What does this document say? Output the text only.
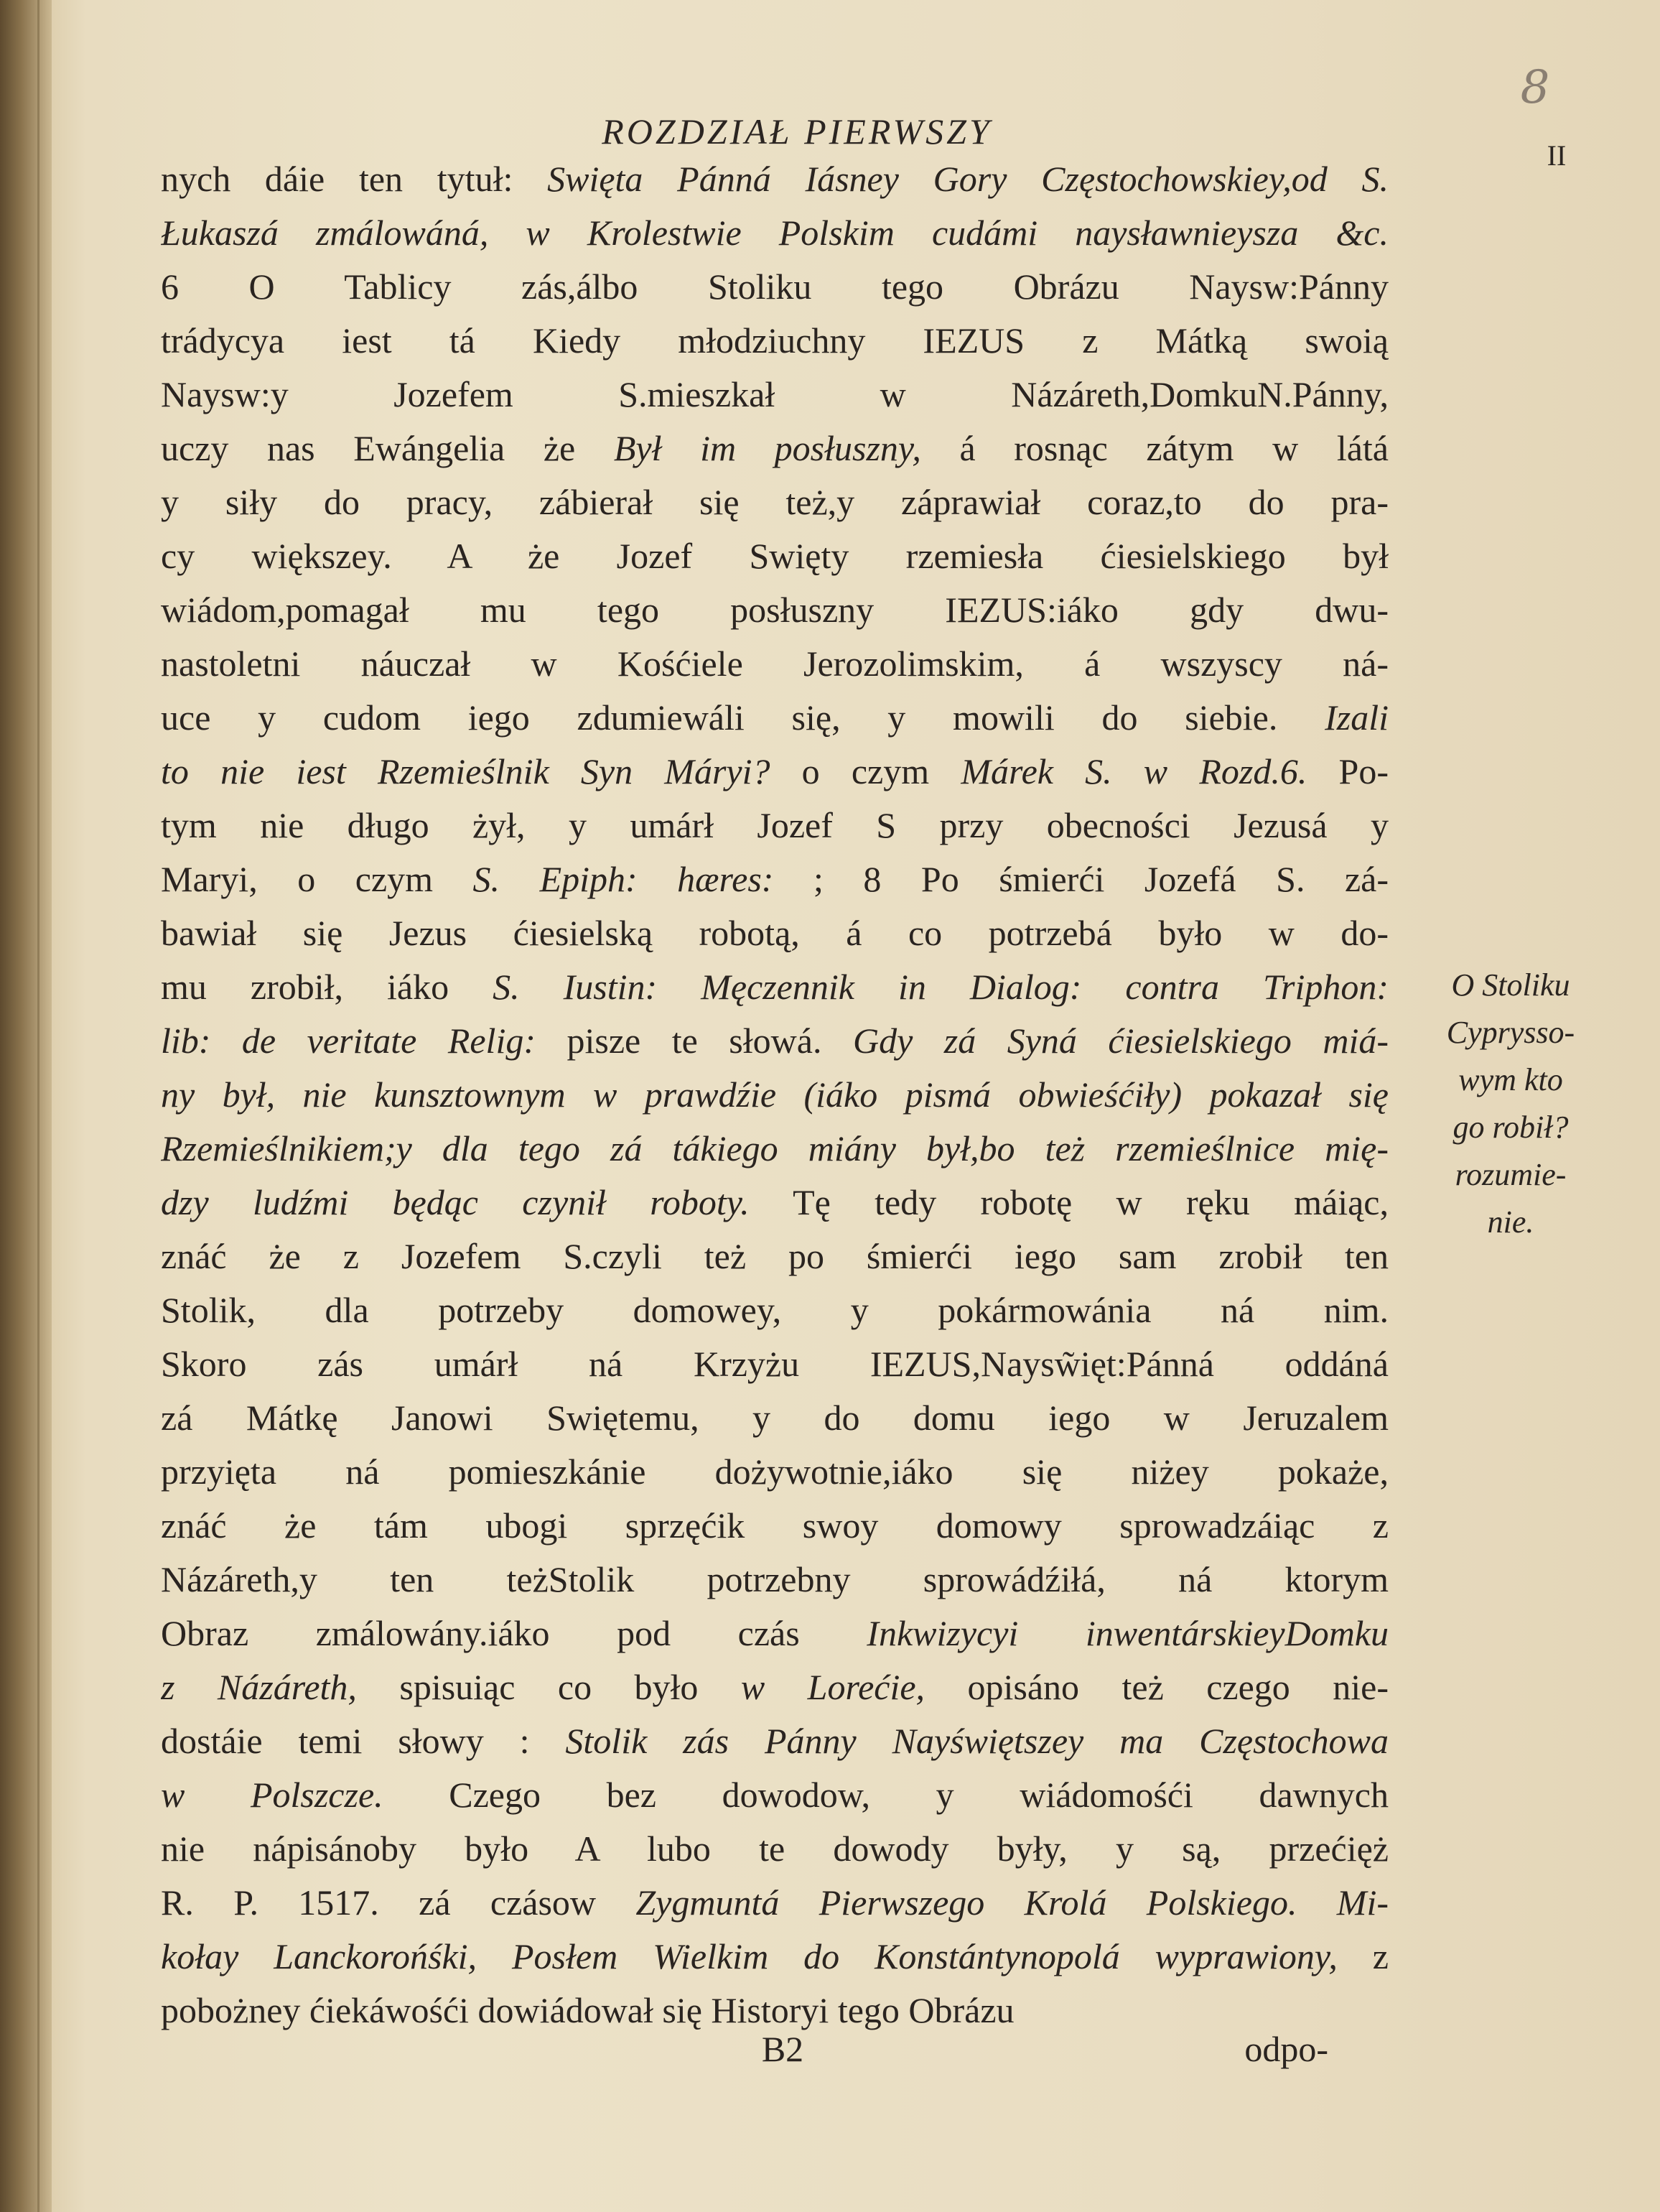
8
II
ROZDZIAŁ PIERWSZY
nych dáie ten tytuł: Swięta Pánná Iásney Gory Częstochowskiey,od S.
Łukaszá zmálowáná, w Krolestwie Polskim cudámi naysławnieysza &c.
6 O Tablicy zás,álbo Stoliku tego Obrázu Naysw:Pánny
trádycya iest tá Kiedy młodziuchny IEZUS z Mátką swoią
Naysw:y Jozefem S.mieszkał w Názáreth,DomkuN.Pánny,
uczy nas Ewángelia że Był im posłuszny, á rosnąc zátym w látá
y siły do pracy, zábierał się też,y záprawiał coraz,to do pra-
cy większey. A że Jozef Swięty rzemiesła ćiesielskiego był
wiádom,pomagał mu tego posłuszny IEZUS:iáko gdy dwu-
nastoletni náuczał w Kośćiele Jerozolimskim, á wszyscy ná-
uce y cudom iego zdumiewáli się, y mowili do siebie. Izali
to nie iest Rzemieślnik Syn Máryi? o czym Márek S. w Rozd.6. Po-
tym nie długo żył, y umárł Jozef S przy obecności Jezusá y
Maryi, o czym S. Epiph: hæres: ; 8 Po śmierći Jozefá S. zá-
bawiał się Jezus ćiesielską robotą, á co potrzebá było w do-
mu zrobił, iáko S. Iustin: Męczennik in Dialog: contra Triphon:
lib: de veritate Relig: pisze te słowá. Gdy zá Syná ćiesielskiego miá-
ny był, nie kunsztownym w prawdźie (iáko pismá obwieśćiły) pokazał się
Rzemieślnikiem;y dla tego zá tákiego miány był,bo też rzemieślnice mię-
dzy ludźmi będąc czynił roboty. Tę tedy robotę w ręku máiąc,
znáć że z Jozefem S.czyli też po śmierći iego sam zrobił ten
Stolik, dla potrzeby domowey, y pokármowánia ná nim.
Skoro zás umárł ná Krzyżu IEZUS,Naysw̃ięt:Pánná oddáná
zá Mátkę Janowi Swiętemu, y do domu iego w Jeruzalem
przyięta ná pomieszkánie dożywotnie,iáko się niżey pokaże,
znáć że tám ubogi sprzęćik swoy domowy sprowadzáiąc z
Názáreth,y ten teżStolik potrzebny sprowádźiłá, ná ktorym
Obraz zmálowány.iáko pod czás Inkwizycyi inwentárskieyDomku
z Názáreth, spisuiąc co było w Lorećie, opisáno też czego nie-
dostáie temi słowy : Stolik zás Pánny Nayświętszey ma Częstochowa
w Polszcze. Czego bez dowodow, y wiádomośći dawnych
nie nápisánoby było A lubo te dowody były, y są, przećięż
R. P. 1517. zá czásow Zygmuntá Pierwszego Krolá Polskiego. Mi-
kołay Lanckorońśki, Posłem Wielkim do Konstántynopolá wyprawiony, z
pobożney ćiekáwośći dowiádował się Historyi tego Obrázu
O Stoliku
Cyprysso-
wym kto
go robił?
rozumie-
nie.
B2	odpo-
